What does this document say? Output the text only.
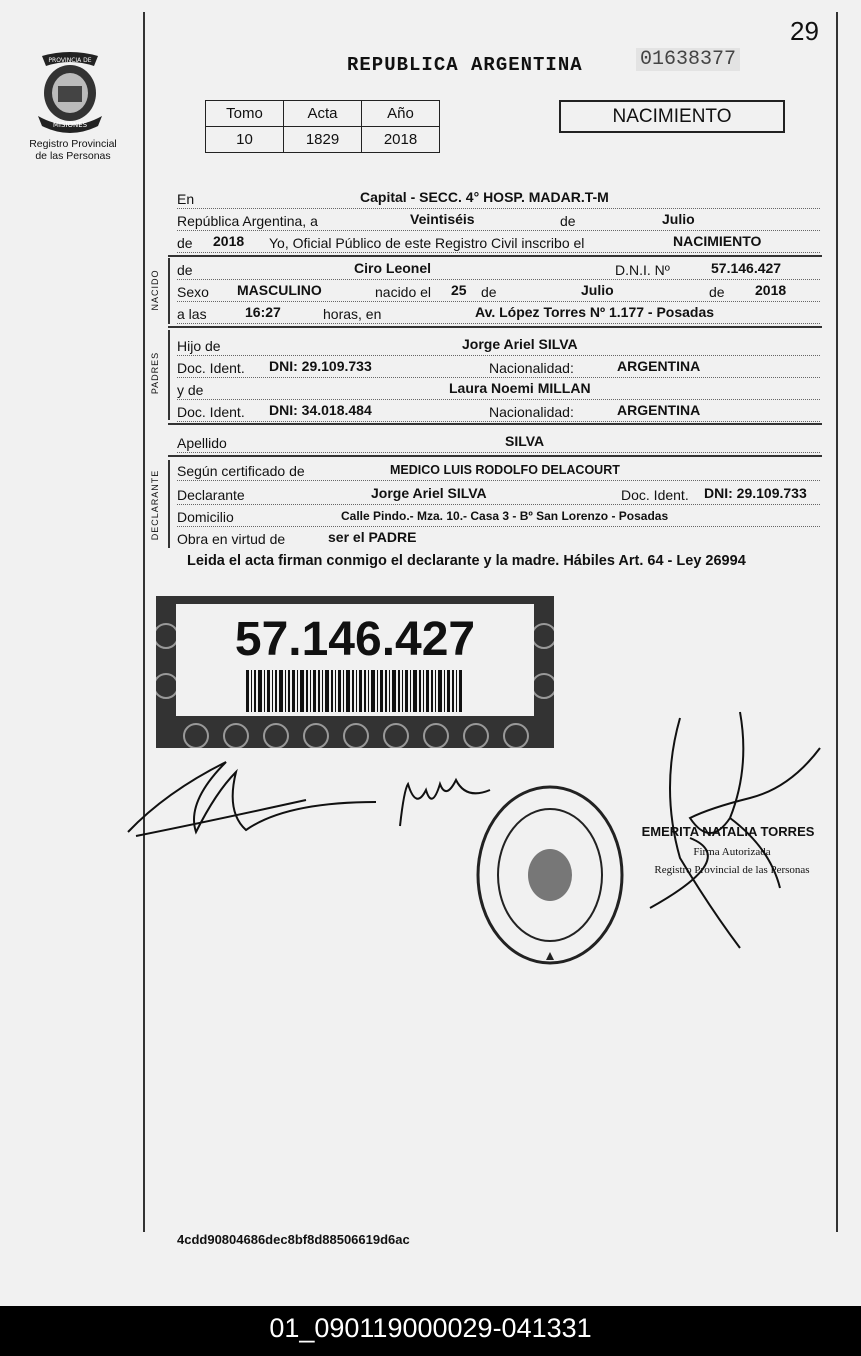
29
PROVINCIA DE
MISIONES
Registro Provincial
de las Personas
REPUBLICA ARGENTINA	01638377
Tomo	Acta	Año
10	1829	2018
NACIMIENTO
En	Capital - SECC. 4° HOSP. MADAR.T-M
República Argentina, a	Veintiséis	de	Julio
de 2018 Yo, Oficial Público de este Registro Civil inscribo el	NACIMIENTO
NACIDO de	Ciro Leonel	D.N.I. Nº	57.146.427
Sexo MASCULINO	nacido el 25 de	Julio	de 2018
a las	16:27	horas, en	Av. López Torres Nº 1.177 - Posadas
PADRES
Hijo de	Jorge Ariel SILVA
Doc. Ident. DNI: 29.109.733	Nacionalidad:	ARGENTINA
y de	Laura Noemi MILLAN
Doc. Ident. DNI: 34.018.484	Nacionalidad:	ARGENTINA
Apellido	SILVA
DECLARANTE Según certificado de	MEDICO LUIS RODOLFO DELACOURT
Declarante	Jorge Ariel SILVA	Doc. Ident. DNI: 29.109.733
Domicilio	Calle Pindo.- Mza. 10.- Casa 3 - Bº San Lorenzo - Posadas
Obra en virtud de	ser el PADRE
Leida el acta firman conmigo el declarante y la madre. Hábiles Art. 64 - Ley 26994
57.146.427
EMERITA NATALIA TORRES
Firma Autorizada
Registro Provincial de las Personas
4cdd90804686dec8bf8d88506619d6ac
01_090119000029-041331
